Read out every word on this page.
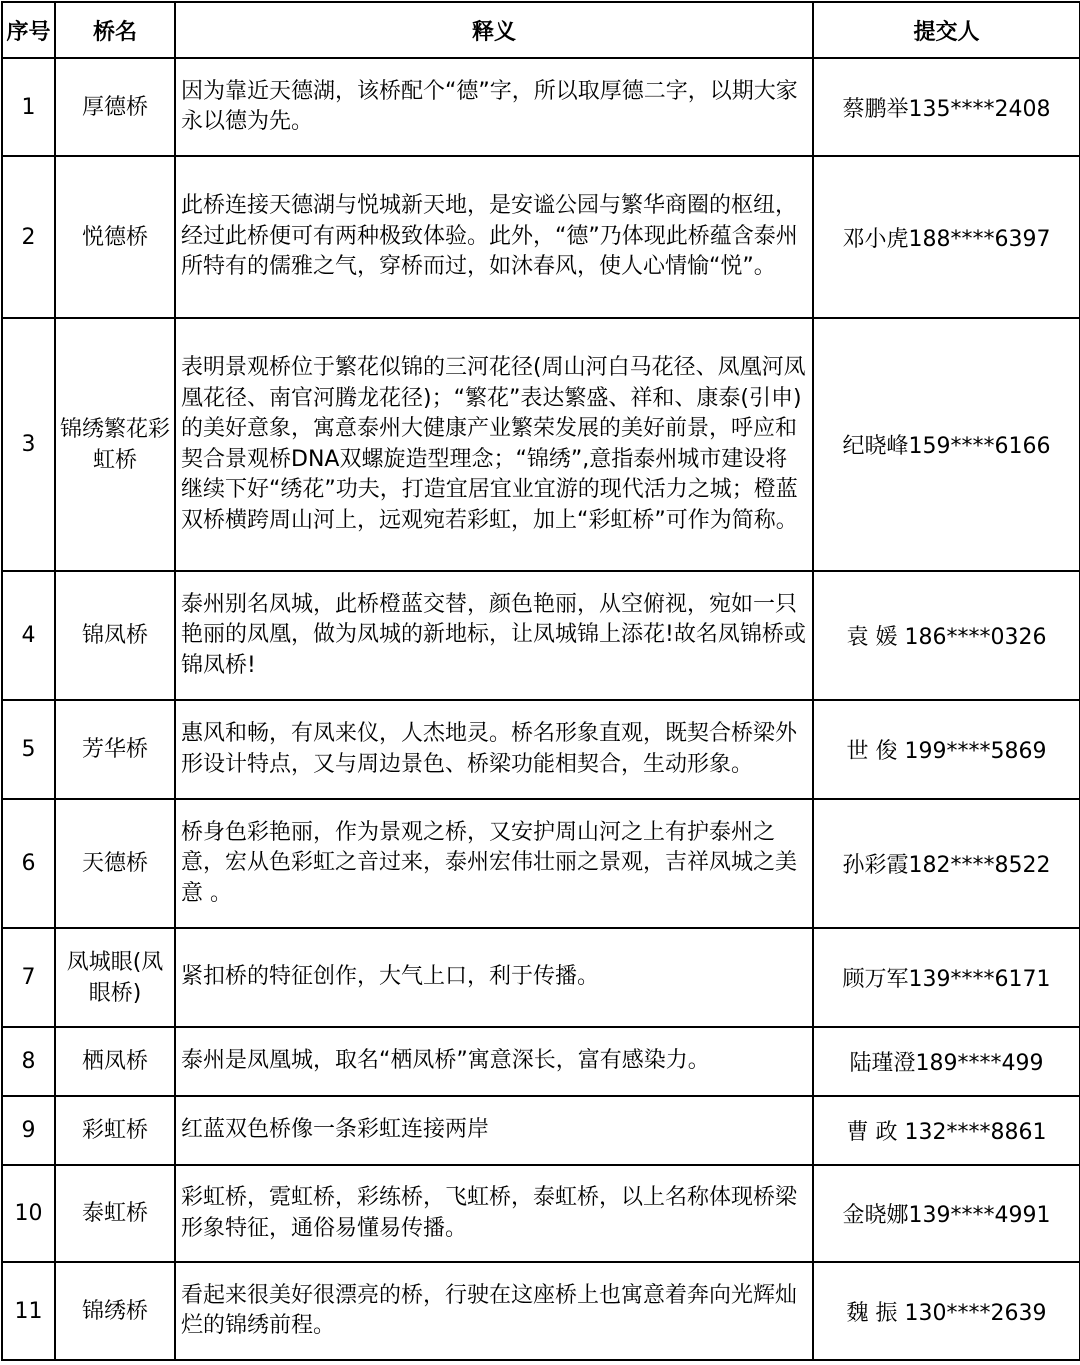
序号	桥名	释义	提交人
1	厚德桥	因为靠近天德湖，该桥配个“德”字，所以取厚德二字，以期大家永以德为先。	蔡鹏举135****2408
2	悦德桥	此桥连接天德湖与悦城新天地，是安谧公园与繁华商圈的枢纽，经过此桥便可有两种极致体验。此外，“德”乃体现此桥蕴含泰州所特有的儒雅之气，穿桥而过，如沐春风，使人心情愉“悦”。	邓小虎188****6397
3	锦绣繁花彩虹桥	表明景观桥位于繁花似锦的三河花径(周山河白马花径、凤凰河凤凰花径、南官河腾龙花径)；“繁花”表达繁盛、祥和、康泰(引申)的美好意象，寓意泰州大健康产业繁荣发展的美好前景，呼应和契合景观桥DNA双螺旋造型理念；“锦绣”,意指泰州城市建设将继续下好“绣花”功夫，打造宜居宜业宜游的现代活力之城；橙蓝双桥横跨周山河上，远观宛若彩虹，加上“彩虹桥”可作为简称。	纪晓峰159****6166
4	锦凤桥	泰州别名凤城，此桥橙蓝交替，颜色艳丽，从空俯视，宛如一只艳丽的凤凰，做为凤城的新地标，让凤城锦上添花!故名凤锦桥或锦凤桥!	袁 媛 186****0326
5	芳华桥	惠风和畅，有凤来仪，人杰地灵。桥名形象直观，既契合桥梁外形设计特点，又与周边景色、桥梁功能相契合，生动形象。	世 俊 199****5869
6	天德桥	桥身色彩艳丽，作为景观之桥，又安护周山河之上有护泰州之意，宏从色彩虹之音过来，泰州宏伟壮丽之景观，吉祥凤城之美 意 。	孙彩霞182****8522
7	凤城眼(凤眼桥)	紧扣桥的特征创作，大气上口，利于传播。	顾万军139****6171
8	栖凤桥	泰州是凤凰城，取名“栖凤桥”寓意深长，富有感染力。	陆瑾澄189****499
9	彩虹桥	红蓝双色桥像一条彩虹连接两岸	曹 政 132****8861
10	泰虹桥	彩虹桥，霓虹桥，彩练桥，飞虹桥，泰虹桥，以上名称体现桥梁形象特征，通俗易懂易传播。	金晓娜139****4991
11	锦绣桥	看起来很美好很漂亮的桥，行驶在这座桥上也寓意着奔向光辉灿烂的锦绣前程。	魏 振 130****2639
